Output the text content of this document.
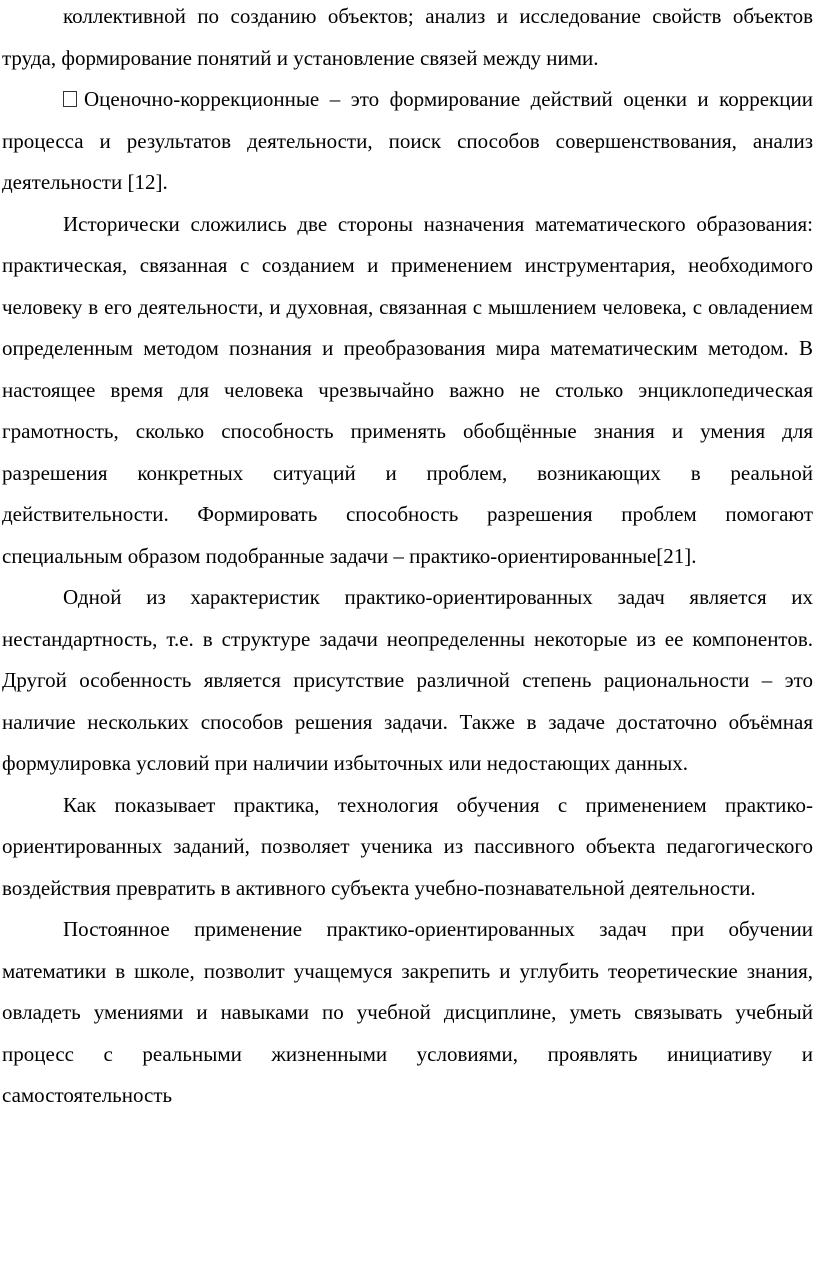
коллективной по созданию объектов; анализ и исследование свойств объектов труда, формирование понятий и установление связей между ними.

Оценочно-коррекционные – это формирование действий оценки и коррекции процесса и результатов деятельности, поиск способов совершенствования, анализ деятельности [12].

Исторически сложились две стороны назначения математического образования: практическая, связанная с созданием и применением инструментария, необходимого человеку в его деятельности, и духовная, связанная с мышлением человека, с овладением определенным методом познания и преобразования мира математическим методом. В настоящее время для человека чрезвычайно важно не столько энциклопедическая грамотность, сколько способность применять обобщённые знания и умения для разрешения конкретных ситуаций и проблем, возникающих в реальной действительности. Формировать способность разрешения проблем помогают специальным образом подобранные задачи – практико-ориентированные[21].

Одной из характеристик практико-ориентированных задач является их нестандартность, т.е. в структуре задачи неопределенны некоторые из ее компонентов. Другой особенность является присутствие различной степень рациональности – это наличие нескольких способов решения задачи. Также в задаче достаточно объёмная формулировка условий при наличии избыточных или недостающих данных.

Как показывает практика, технология обучения с применением практико-ориентированных заданий, позволяет ученика из пассивного объекта педагогического воздействия превратить в активного субъекта учебно-познавательной деятельности.

Постоянное применение практико-ориентированных задач при обучении математики в школе, позволит учащемуся закрепить и углубить теоретические знания, овладеть умениями и навыками по учебной дисциплине, уметь связывать учебный процесс с реальными жизненными условиями, проявлять инициативу и самостоятельность
